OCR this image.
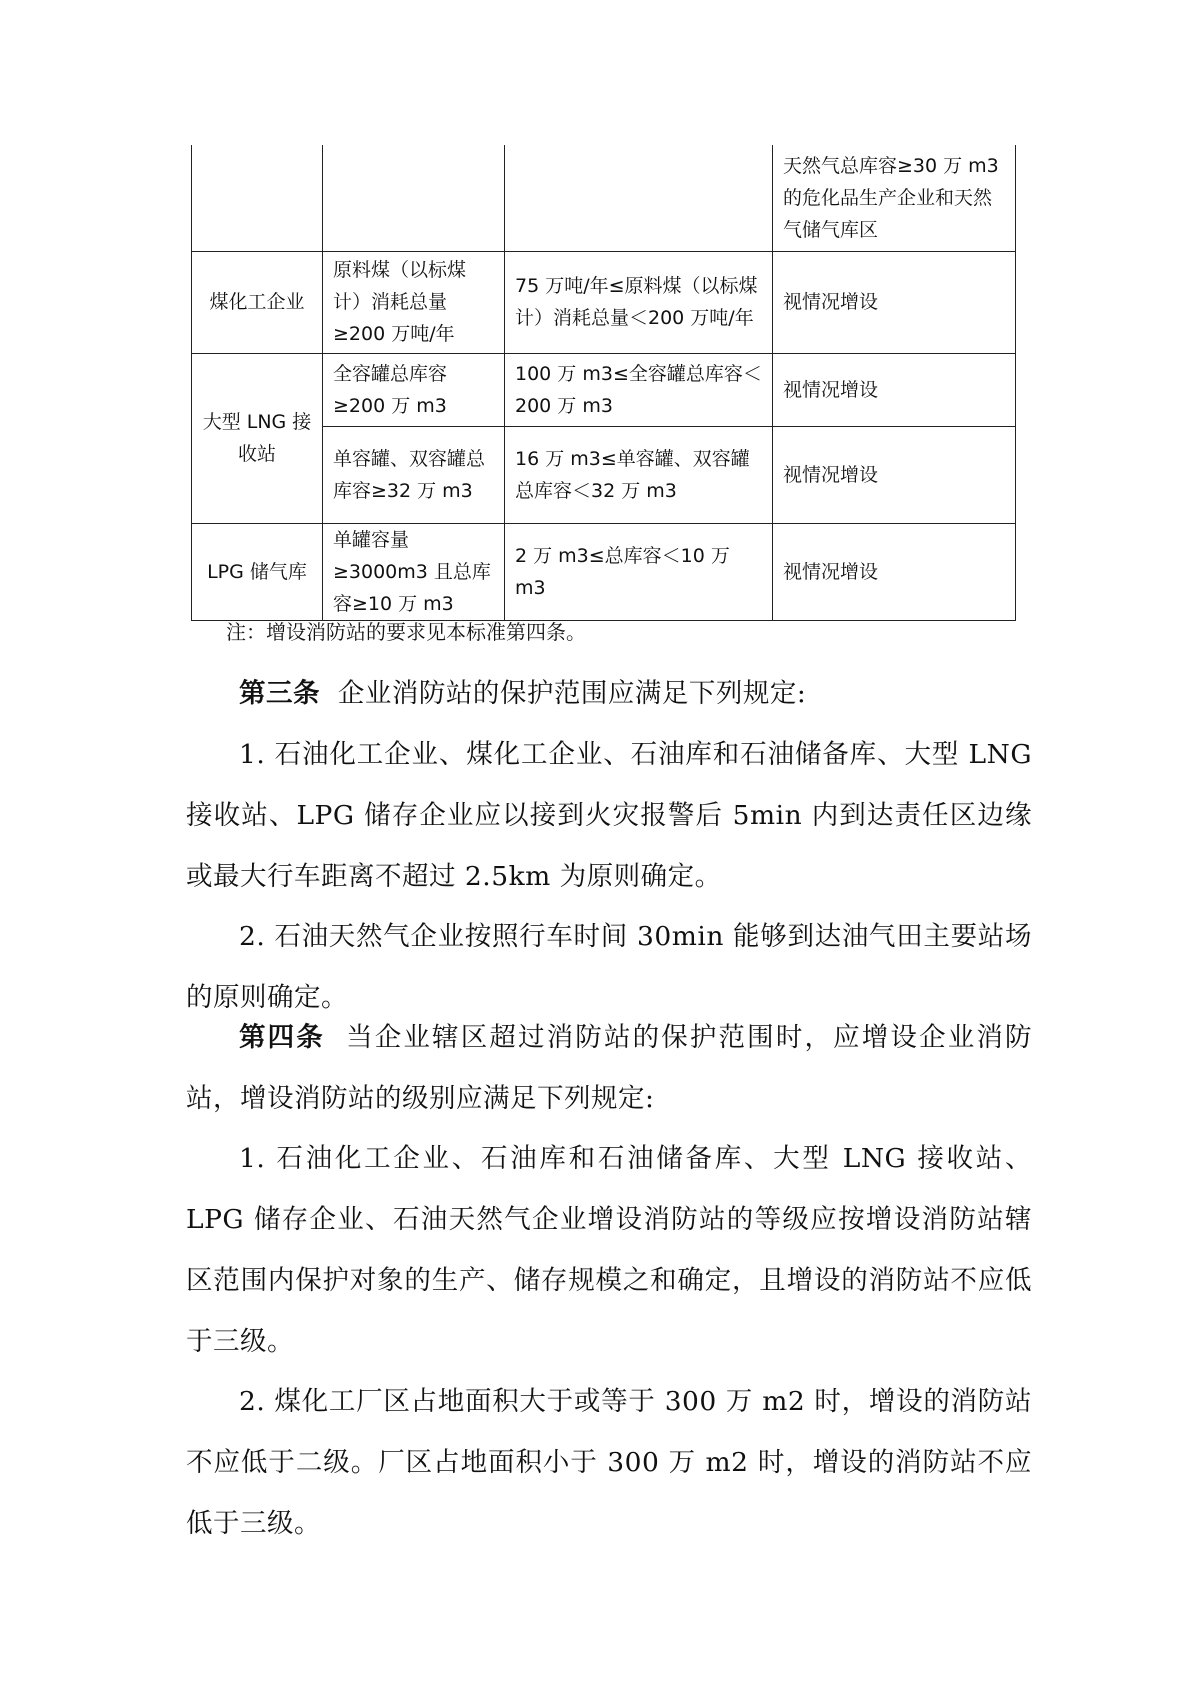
			天然气总库容≥30 万 m3 的危化品生产企业和天然气储气库区
煤化工企业	原料煤（以标煤计）消耗总量≥200 万吨/年	75 万吨/年≤原料煤（以标煤计）消耗总量＜200 万吨/年	视情况增设
大型 LNG 接收站	全容罐总库容≥200 万 m3	100 万 m3≤全容罐总库容＜200 万 m3	视情况增设
	单容罐、双容罐总库容≥32 万 m3	16 万 m3≤单容罐、双容罐总库容＜32 万 m3	视情况增设
LPG 储气库	单罐容量≥3000m3 且总库容≥10 万 m3	2 万 m3≤总库容＜10 万 m3	视情况增设
注：增设消防站的要求见本标准第四条。

第三条 企业消防站的保护范围应满足下列规定:

1. 石油化工企业、煤化工企业、石油库和石油储备库、大型 LNG 接收站、LPG 储存企业应以接到火灾报警后 5min 内到达责任区边缘或最大行车距离不超过 2.5km 为原则确定。

2. 石油天然气企业按照行车时间 30min 能够到达油气田主要站场的原则确定。

第四条 当企业辖区超过消防站的保护范围时，应增设企业消防站，增设消防站的级别应满足下列规定:

1. 石油化工企业、石油库和石油储备库、大型 LNG 接收站、LPG 储存企业、石油天然气企业增设消防站的等级应按增设消防站辖区范围内保护对象的生产、储存规模之和确定，且增设的消防站不应低于三级。

2. 煤化工厂区占地面积大于或等于 300 万 m2 时，增设的消防站不应低于二级。厂区占地面积小于 300 万 m2 时，增设的消防站不应低于三级。
